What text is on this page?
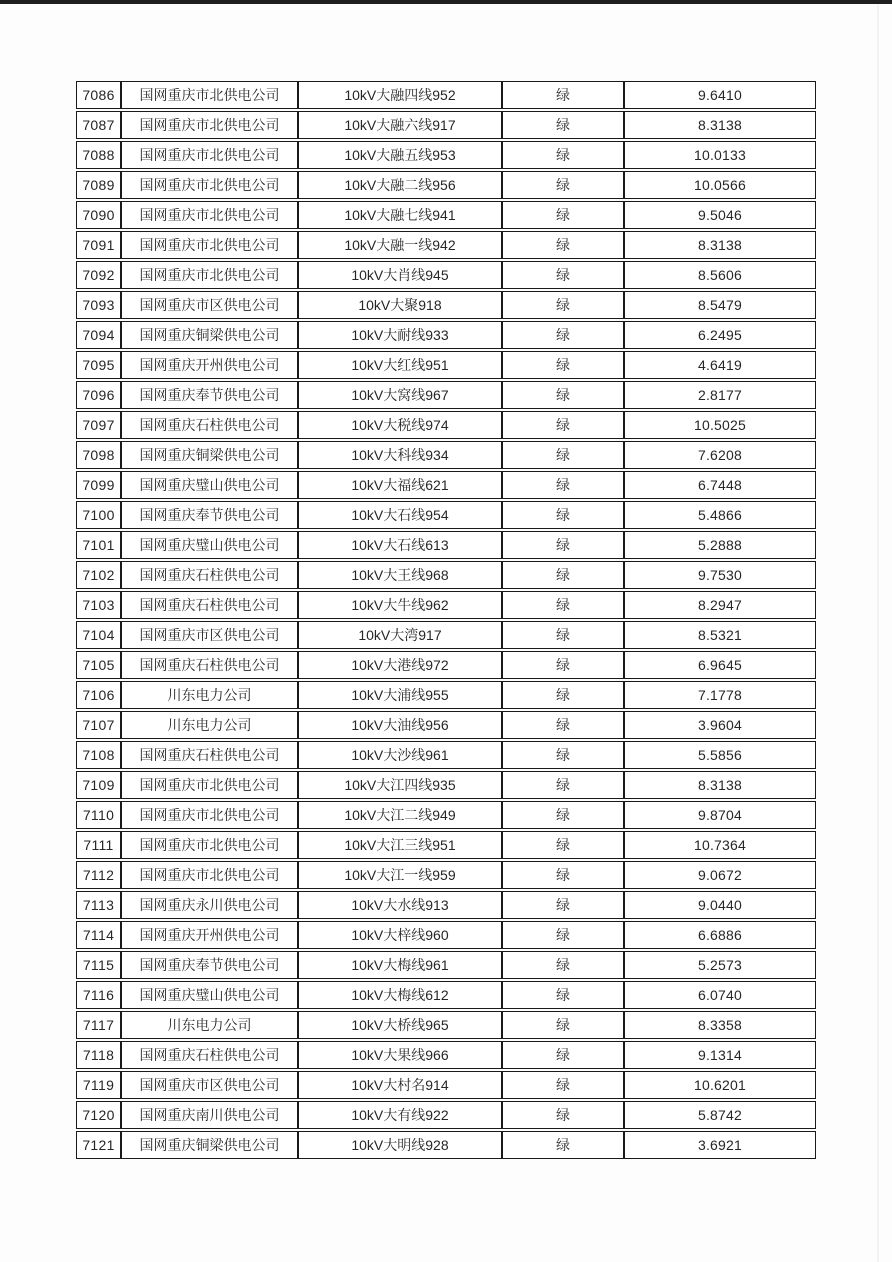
7086	国网重庆市北供电公司	10kV大融四线952	绿	9.6410
7087	国网重庆市北供电公司	10kV大融六线917	绿	8.3138
7088	国网重庆市北供电公司	10kV大融五线953	绿	10.0133
7089	国网重庆市北供电公司	10kV大融二线956	绿	10.0566
7090	国网重庆市北供电公司	10kV大融七线941	绿	9.5046
7091	国网重庆市北供电公司	10kV大融一线942	绿	8.3138
7092	国网重庆市北供电公司	10kV大肖线945	绿	8.5606
7093	国网重庆市区供电公司	10kV大聚918	绿	8.5479
7094	国网重庆铜梁供电公司	10kV大耐线933	绿	6.2495
7095	国网重庆开州供电公司	10kV大红线951	绿	4.6419
7096	国网重庆奉节供电公司	10kV大窝线967	绿	2.8177
7097	国网重庆石柱供电公司	10kV大税线974	绿	10.5025
7098	国网重庆铜梁供电公司	10kV大科线934	绿	7.6208
7099	国网重庆璧山供电公司	10kV大福线621	绿	6.7448
7100	国网重庆奉节供电公司	10kV大石线954	绿	5.4866
7101	国网重庆璧山供电公司	10kV大石线613	绿	5.2888
7102	国网重庆石柱供电公司	10kV大王线968	绿	9.7530
7103	国网重庆石柱供电公司	10kV大牛线962	绿	8.2947
7104	国网重庆市区供电公司	10kV大湾917	绿	8.5321
7105	国网重庆石柱供电公司	10kV大港线972	绿	6.9645
7106	川东电力公司	10kV大浦线955	绿	7.1778
7107	川东电力公司	10kV大油线956	绿	3.9604
7108	国网重庆石柱供电公司	10kV大沙线961	绿	5.5856
7109	国网重庆市北供电公司	10kV大江四线935	绿	8.3138
7110	国网重庆市北供电公司	10kV大江二线949	绿	9.8704
7111	国网重庆市北供电公司	10kV大江三线951	绿	10.7364
7112	国网重庆市北供电公司	10kV大江一线959	绿	9.0672
7113	国网重庆永川供电公司	10kV大水线913	绿	9.0440
7114	国网重庆开州供电公司	10kV大梓线960	绿	6.6886
7115	国网重庆奉节供电公司	10kV大梅线961	绿	5.2573
7116	国网重庆璧山供电公司	10kV大梅线612	绿	6.0740
7117	川东电力公司	10kV大桥线965	绿	8.3358
7118	国网重庆石柱供电公司	10kV大果线966	绿	9.1314
7119	国网重庆市区供电公司	10kV大村名914	绿	10.6201
7120	国网重庆南川供电公司	10kV大有线922	绿	5.8742
7121	国网重庆铜梁供电公司	10kV大明线928	绿	3.6921
